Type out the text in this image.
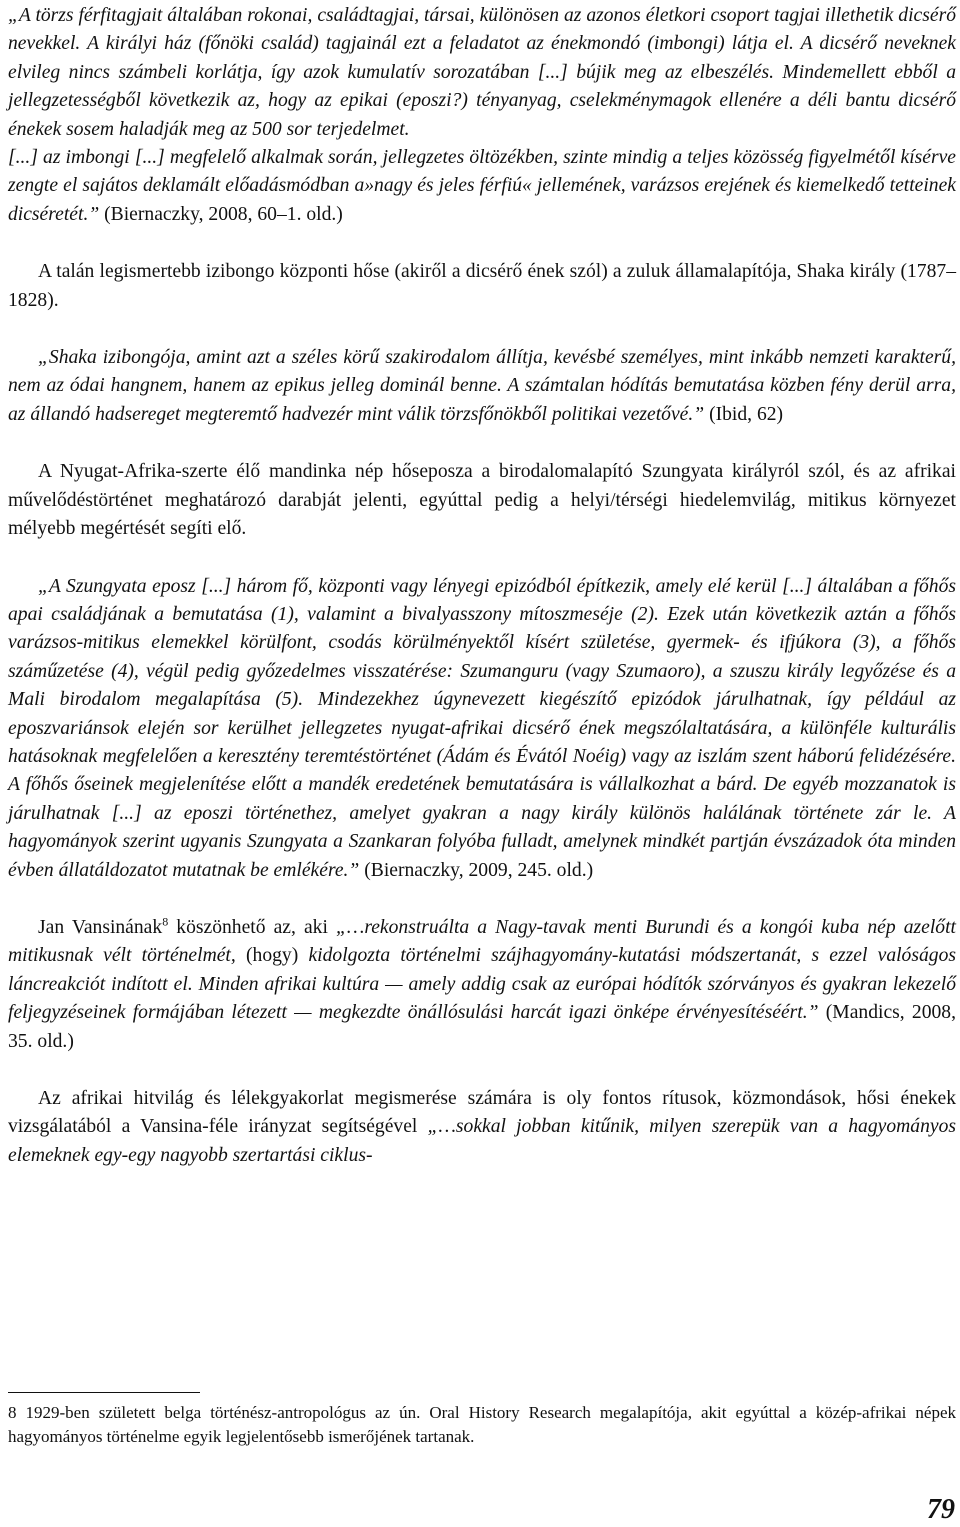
„A törzs férfitagjait általában rokonai, családtagjai, társai, különösen az azonos életkori csoport tagjai illethetik dicsérő nevekkel. A királyi ház (főnöki család) tagjainál ezt a feladatot az énekmondó (imbongi) látja el. A dicsérő neveknek elvileg nincs számbeli korlátja, így azok kumulatív sorozatában [...] bújik meg az elbeszélés. Mindemellett ebből a jellegzetességből következik az, hogy az epikai (eposzi?) tényanyag, cselekménymagok ellenére a déli bantu dicsérő énekek sosem haladják meg az 500 sor terjedelmet.

[...] az imbongi [...] megfelelő alkalmak során, jellegzetes öltözékben, szinte mindig a teljes közösség figyelmétől kísérve zengte el sajátos deklamált előadásmódban a»nagy és jeles férfiú« jellemének, varázsos erejének és kiemelkedő tetteinek dicséretét.” (Biernaczky, 2008, 60–1. old.)

A talán legismertebb izibongo központi hőse (akiről a dicsérő ének szól) a zuluk államalapítója, Shaka király (1787–1828).

„Shaka izibongója, amint azt a széles körű szakirodalom állítja, kevésbé személyes, mint inkább nemzeti karakterű, nem az ódai hangnem, hanem az epikus jelleg dominál benne. A számtalan hódítás bemutatása közben fény derül arra, az állandó hadsereget megteremtő hadvezér mint válik törzsfőnökből politikai vezetővé.” (Ibid, 62)

A Nyugat-Afrika-szerte élő mandinka nép hőseposza a birodalomalapító Szungyata királyról szól, és az afrikai művelődéstörténet meghatározó darabját jelenti, egyúttal pedig a helyi/térségi hiedelemvilág, mitikus környezet mélyebb megértését segíti elő.

„A Szungyata eposz [...] három fő, központi vagy lényegi epizódból építkezik, amely elé kerül [...] általában a főhős apai családjának a bemutatása (1), valamint a bivalyasszony mítoszmeséje (2). Ezek után következik aztán a főhős varázsos-mitikus elemekkel körülfont, csodás körülményektől kísért születése, gyermek- és ifjúkora (3), a főhős száműzetése (4), végül pedig győzedelmes visszatérése: Szumanguru (vagy Szumaoro), a szuszu király legyőzése és a Mali birodalom megalapítása (5). Mindezekhez úgynevezett kiegészítő epizódok járulhatnak, így például az eposzvariánsok elején sor kerülhet jellegzetes nyugat-afrikai dicsérő ének megszólaltatására, a különféle kulturális hatásoknak megfelelően a keresztény teremtéstörténet (Ádám és Évától Noéig) vagy az iszlám szent háború felidézésére. A főhős őseinek megjelenítése előtt a mandék eredetének bemutatására is vállalkozhat a bárd. De egyéb mozzanatok is járulhatnak [...] az eposzi történethez, amelyet gyakran a nagy király különös halálának története zár le. A hagyományok szerint ugyanis Szungyata a Szankaran folyóba fulladt, amelynek mindkét partján évszázadok óta minden évben állatáldozatot mutatnak be emlékére.” (Biernaczky, 2009, 245. old.)

Jan Vansinának$^8$ köszönhető az, aki „…rekonstruálta a Nagy-tavak menti Burundi és a kongói kuba nép azelőtt mitikusnak vélt történelmét, (hogy) kidolgozta történelmi szájhagyomány-kutatási módszertanát, s ezzel valóságos láncreakciót indított el. Minden afrikai kultúra — amely addig csak az európai hódítók szórványos és gyakran lekezelő feljegyzéseinek formájában létezett — megkezdte önállósulási harcát igazi önképe érvényesítéséért.” (Mandics, 2008, 35. old.)

Az afrikai hitvilág és lélekgyakorlat megismerése számára is oly fontos rítusok, közmondások, hősi énekek vizsgálatából a Vansina-féle irányzat segítségével „…sokkal jobban kitűnik, milyen szerepük van a hagyományos elemeknek egy-egy nagyobb szertartási ciklus-

8 1929-ben született belga történész-antropológus az ún. Oral History Research megalapítója, akit egyúttal a közép-afrikai népek hagyományos történelme egyik legjelentősebb ismerőjének tartanak.
79
